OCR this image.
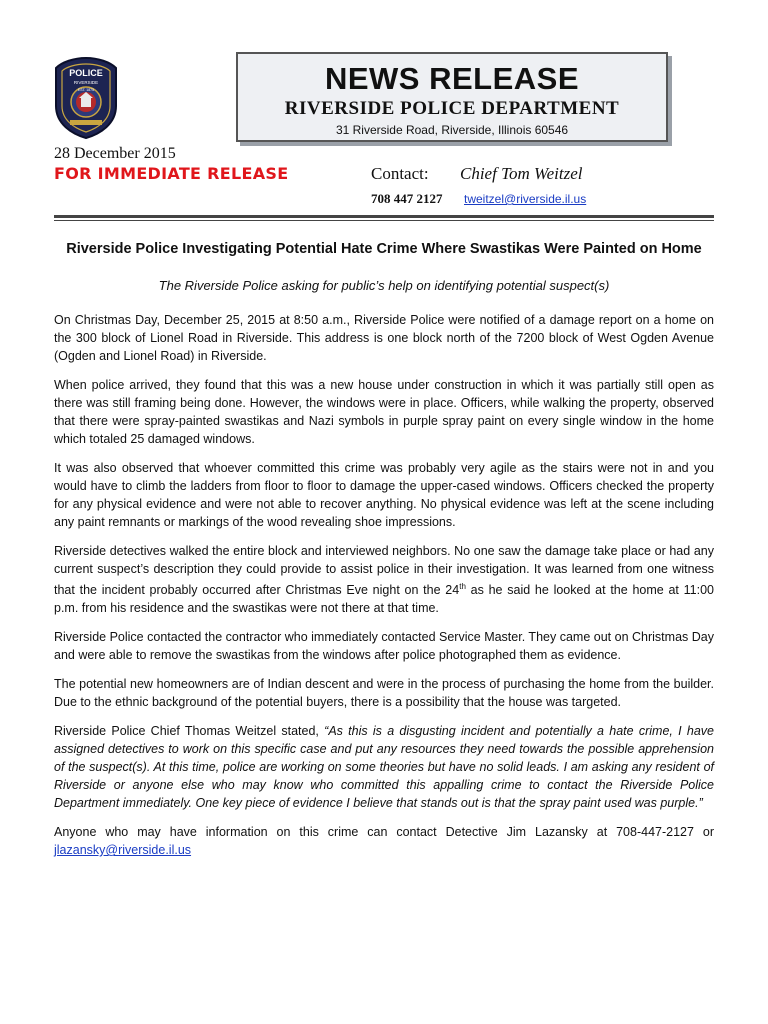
POLICE
RIVERSIDE
EST. 1875	NEWS RELEASE
RIVERSIDE POLICE DEPARTMENT
31 Riverside Road, Riverside, Illinois 60546
28 December 2015
FOR IMMEDIATE RELEASE	Contact: Chief Tom Weitzel
708 447 2127 tweitzel@riverside.il.us
Riverside Police Investigating Potential Hate Crime Where Swastikas Were Painted on Home
The Riverside Police asking for public’s help on identifying potential suspect(s)

On Christmas Day, December 25, 2015 at 8:50 a.m., Riverside Police were notified of a damage report on a home on the 300 block of Lionel Road in Riverside. This address is one block north of the 7200 block of West Ogden Avenue (Ogden and Lionel Road) in Riverside.

When police arrived, they found that this was a new house under construction in which it was partially still open as there was still framing being done. However, the windows were in place. Officers, while walking the property, observed that there were spray-painted swastikas and Nazi symbols in purple spray paint on every single window in the home which totaled 25 damaged windows.

It was also observed that whoever committed this crime was probably very agile as the stairs were not in and you would have to climb the ladders from floor to floor to damage the upper-cased windows. Officers checked the property for any physical evidence and were not able to recover anything. No physical evidence was left at the scene including any paint remnants or markings of the wood revealing shoe impressions.

Riverside detectives walked the entire block and interviewed neighbors. No one saw the damage take place or had any current suspect’s description they could provide to assist police in their investigation. It was learned from one witness that the incident probably occurred after Christmas Eve night on the 24th as he said he looked at the home at 11:00 p.m. from his residence and the swastikas were not there at that time.

Riverside Police contacted the contractor who immediately contacted Service Master. They came out on Christmas Day and were able to remove the swastikas from the windows after police photographed them as evidence.

The potential new homeowners are of Indian descent and were in the process of purchasing the home from the builder. Due to the ethnic background of the potential buyers, there is a possibility that the house was targeted.

Riverside Police Chief Thomas Weitzel stated, “As this is a disgusting incident and potentially a hate crime, I have assigned detectives to work on this specific case and put any resources they need towards the possible apprehension of the suspect(s). At this time, police are working on some theories but have no solid leads. I am asking any resident of Riverside or anyone else who may know who committed this appalling crime to contact the Riverside Police Department immediately. One key piece of evidence I believe that stands out is that the spray paint used was purple.”

Anyone who may have information on this crime can contact Detective Jim Lazansky at 708-447-2127 or jlazansky@riverside.il.us
